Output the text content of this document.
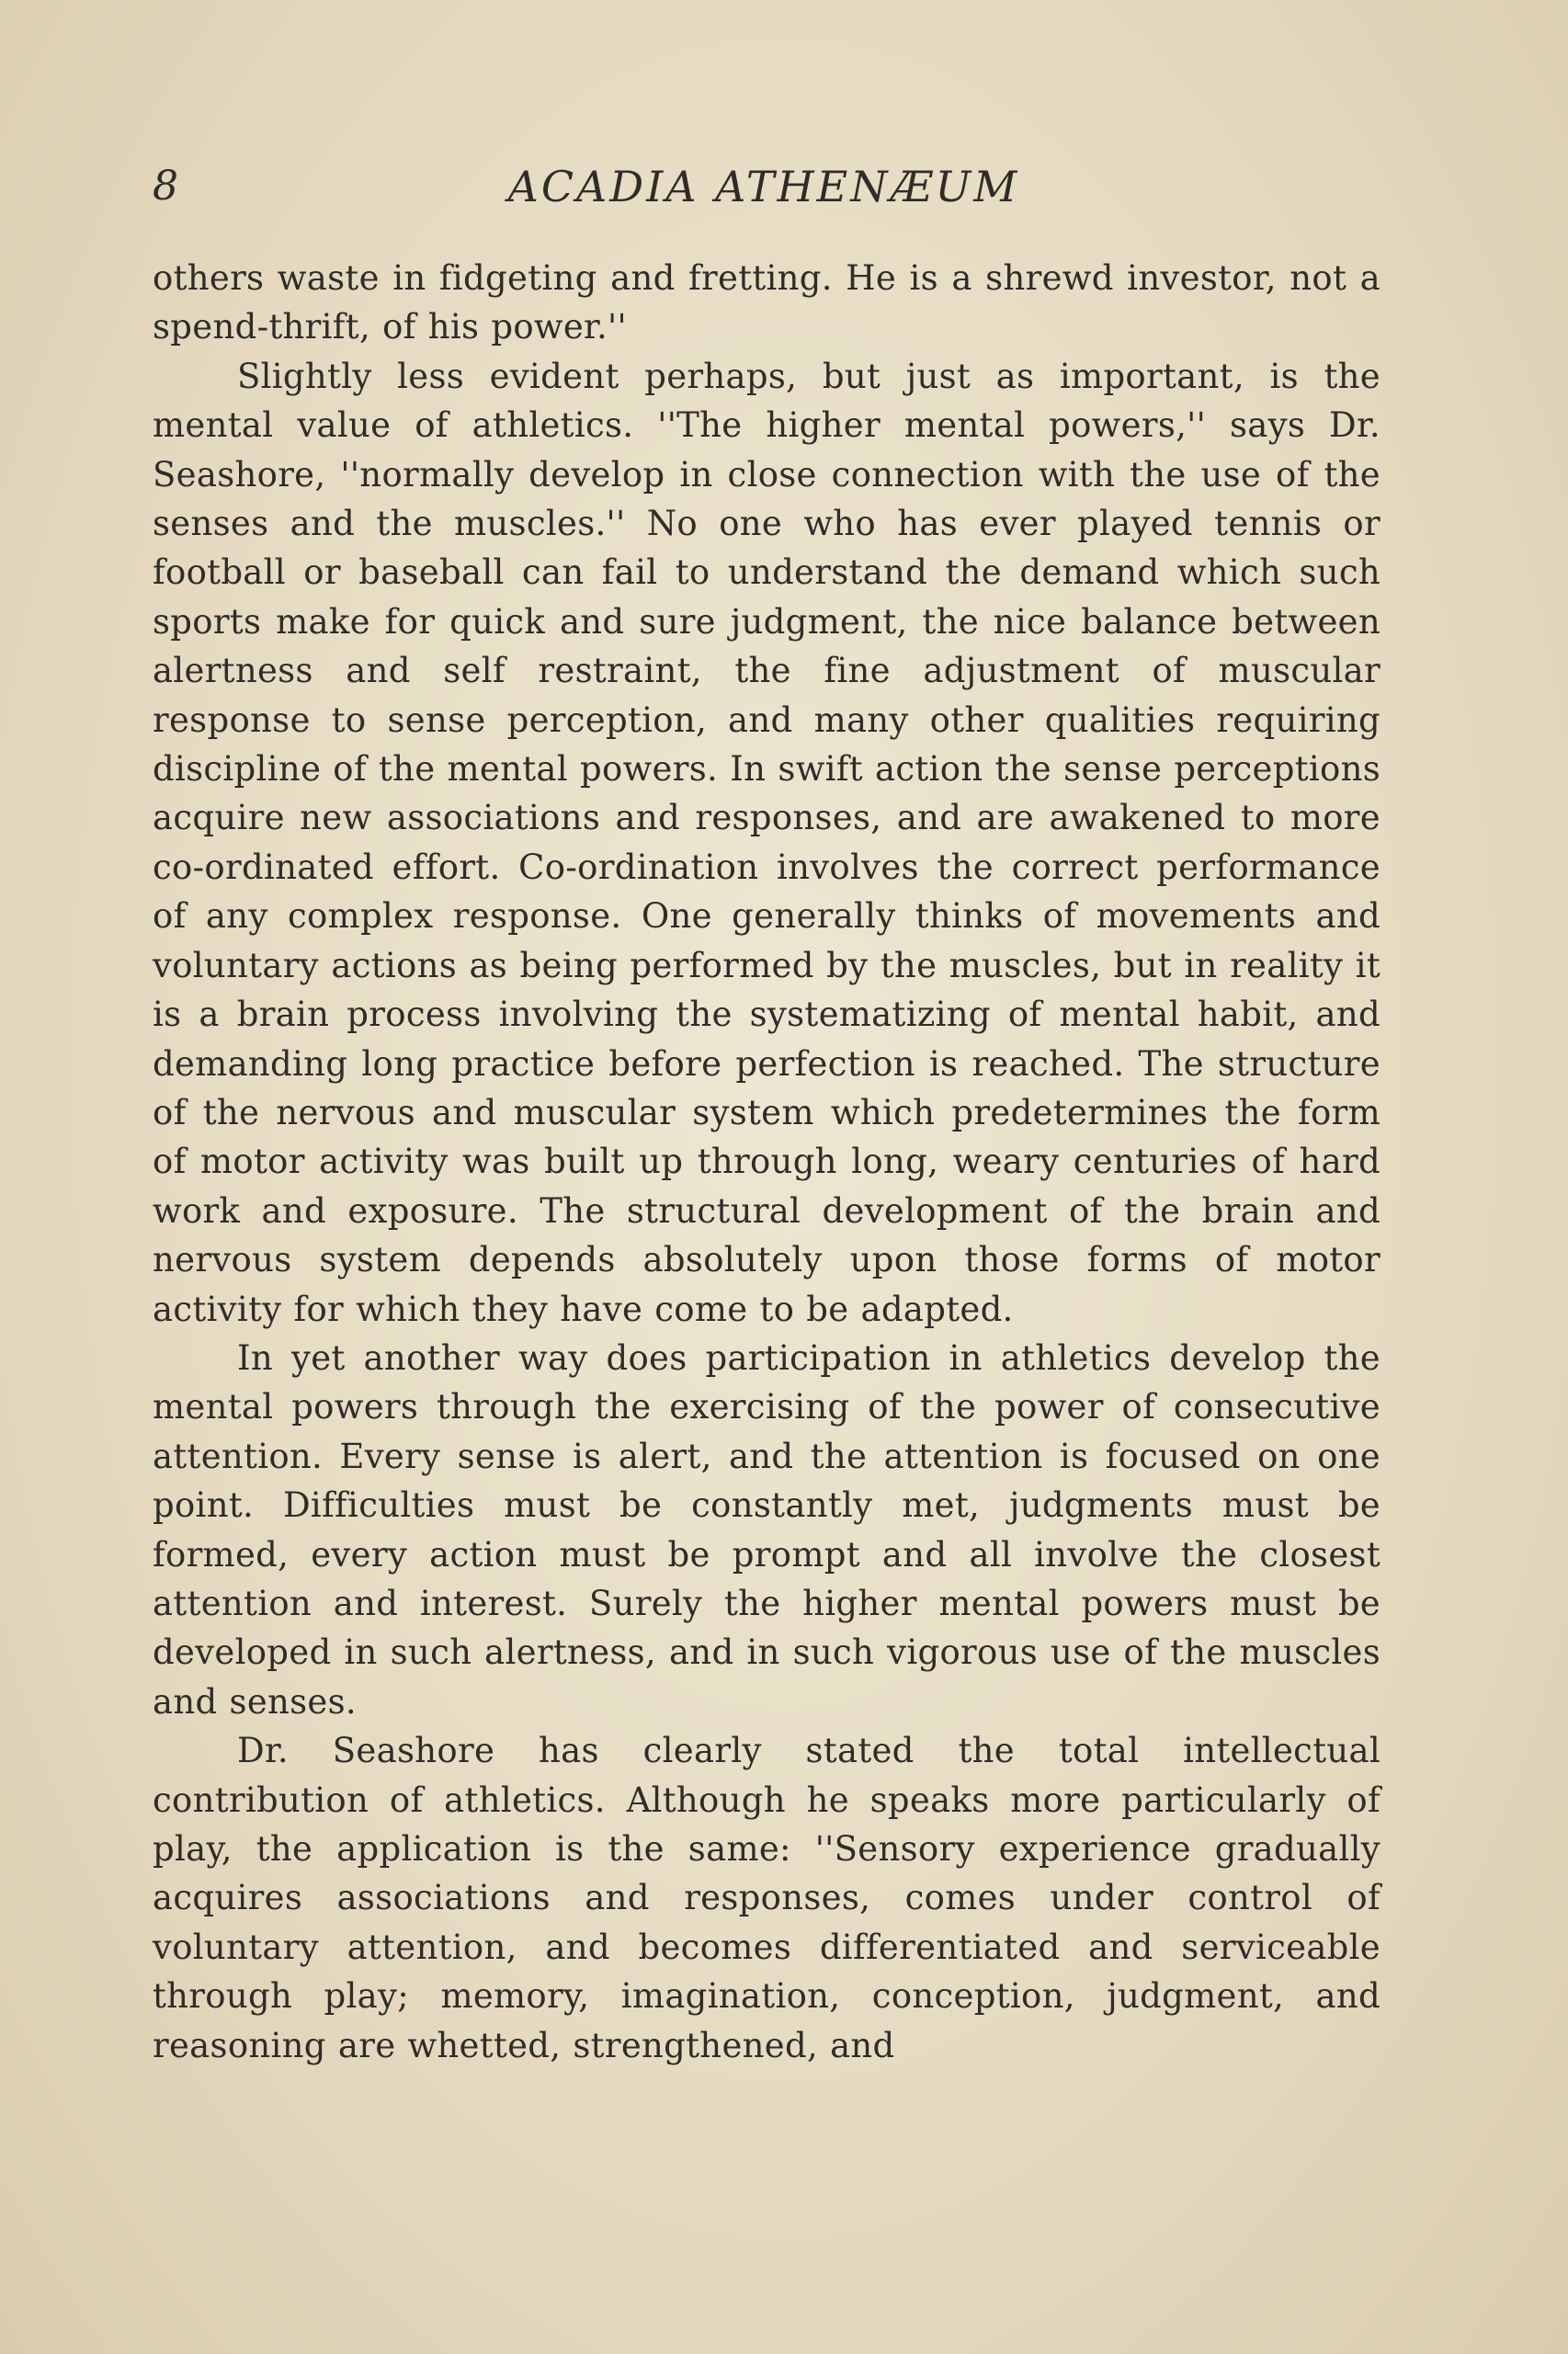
8	ACADIA ATHENÆUM

others waste in fidgeting and fretting. He is a shrewd investor, not a spend-thrift, of his power.''

Slightly less evident perhaps, but just as important, is the mental value of athletics. ''The higher mental powers,'' says Dr. Seashore, ''normally develop in close connection with the use of the senses and the muscles.'' No one who has ever played tennis or football or baseball can fail to understand the demand which such sports make for quick and sure judgment, the nice balance between alertness and self restraint, the fine adjustment of muscular response to sense perception, and many other qualities requiring discipline of the mental powers. In swift action the sense perceptions acquire new associations and responses, and are awakened to more co-ordinated effort. Co-ordination involves the correct performance of any complex response. One generally thinks of movements and voluntary actions as being performed by the muscles, but in reality it is a brain process involving the systematizing of mental habit, and demanding long practice before perfection is reached. The structure of the nervous and muscular system which predetermines the form of motor activity was built up through long, weary centuries of hard work and exposure. The structural development of the brain and nervous system depends absolutely upon those forms of motor activity for which they have come to be adapted.

In yet another way does participation in athletics develop the mental powers through the exercising of the power of consecutive attention. Every sense is alert, and the attention is focused on one point. Difficulties must be constantly met, judgments must be formed, every action must be prompt and all involve the closest attention and interest. Surely the higher mental powers must be developed in such alertness, and in such vigorous use of the muscles and senses.

Dr. Seashore has clearly stated the total intellectual contribution of athletics. Although he speaks more particularly of play, the application is the same: ''Sensory experience gradually acquires associations and responses, comes under control of voluntary attention, and becomes differentiated and serviceable through play; memory, imagination, conception, judgment, and reasoning are whetted, strengthened, and
